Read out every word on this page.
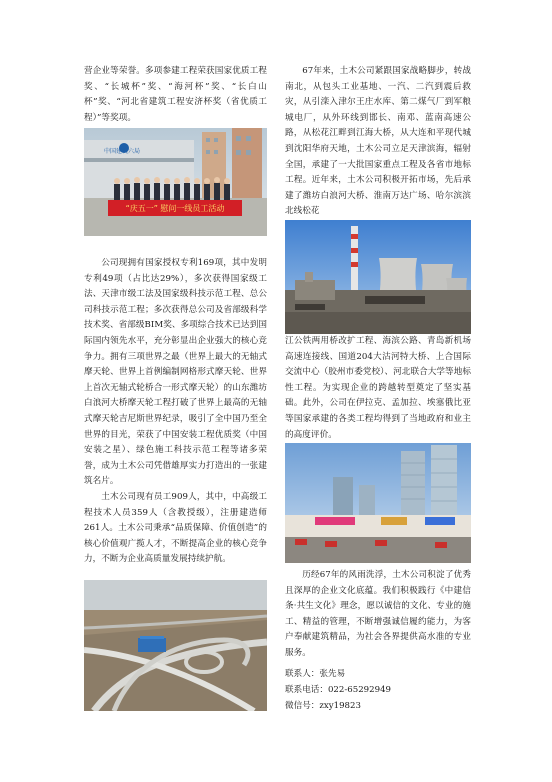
营企业等荣誉。多项参建工程荣获国家优质工程奖、“长城杯”奖、“海河杯”奖、“长白山杯”奖、“河北省建筑工程安济杯奖（省优质工程）”等奖项。

中国建筑六局
“庆五一” 慰问一线员工活动

公司现拥有国家授权专利169项，其中发明专利49项（占比达29%），多次获得国家级工法、天津市级工法及国家级科技示范工程、总公司科技示范工程；多次获得总公司及省部级科学技术奖、省部级BIM奖、多项综合技术已达到国际国内领先水平，充分彰显出企业强大的核心竞争力。拥有三项世界之最（世界上最大的无轴式摩天轮、世界上首例编制网格形式摩天轮、世界上首次无轴式轮桥合一形式摩天轮）的山东潍坊白浪河大桥摩天轮工程打破了世界上最高的无轴式摩天轮吉尼斯世界纪录，吸引了全中国乃至全世界的目光，荣获了中国安装工程优质奖（中国安装之星）、绿色施工科技示范工程等诸多荣誉，成为土木公司凭借雄厚实力打造出的一张建筑名片。

土木公司现有员工909人，其中，中高级工程技术人员359人（含教授级），注册建造师261人。土木公司秉承“品质保障、价值创造”的核心价值观广揽人才，不断提高企业的核心竞争力，不断为企业高质量发展持续护航。

67年来，土木公司紧跟国家战略脚步，转战南北，从包头工业基地、一汽、二汽到震后救灾，从引滦入津尔王庄水库、第二煤气厂到军粮城电厂，从外环线到邯长、南邓、蓝南高速公路，从松花江畔到江海大桥，从大连和平现代城到沈阳华府天地，土木公司立足天津滨海，辐射全国，承建了一大批国家重点工程及各省市地标工程。近年来，土木公司积极开拓市场，先后承建了潍坊白浪河大桥、淮南万达广场、哈尔滨滨北线松花

江公铁两用桥改扩工程、海滨公路、青岛新机场高速连接线、国道204大沽河特大桥、上合国际交流中心（胶州市委党校）、河北联合大学等地标性工程。为实现企业的跨越转型奠定了坚实基础。此外，公司在伊拉克、孟加拉、埃塞俄比亚等国家承建的各类工程均得到了当地政府和业主的高度评价。

历经67年的风雨洗浮，土木公司积淀了优秀且深厚的企业文化底蕴。我们积极践行《中建信条·共生文化》理念，愿以诚信的文化、专业的施工、精益的管理，不断增强诚信履约能力，为客户奉献建筑精品，为社会各界提供高水准的专业服务。

联系人：张先易
联系电话：022-65292949
微信号：zxy19823
